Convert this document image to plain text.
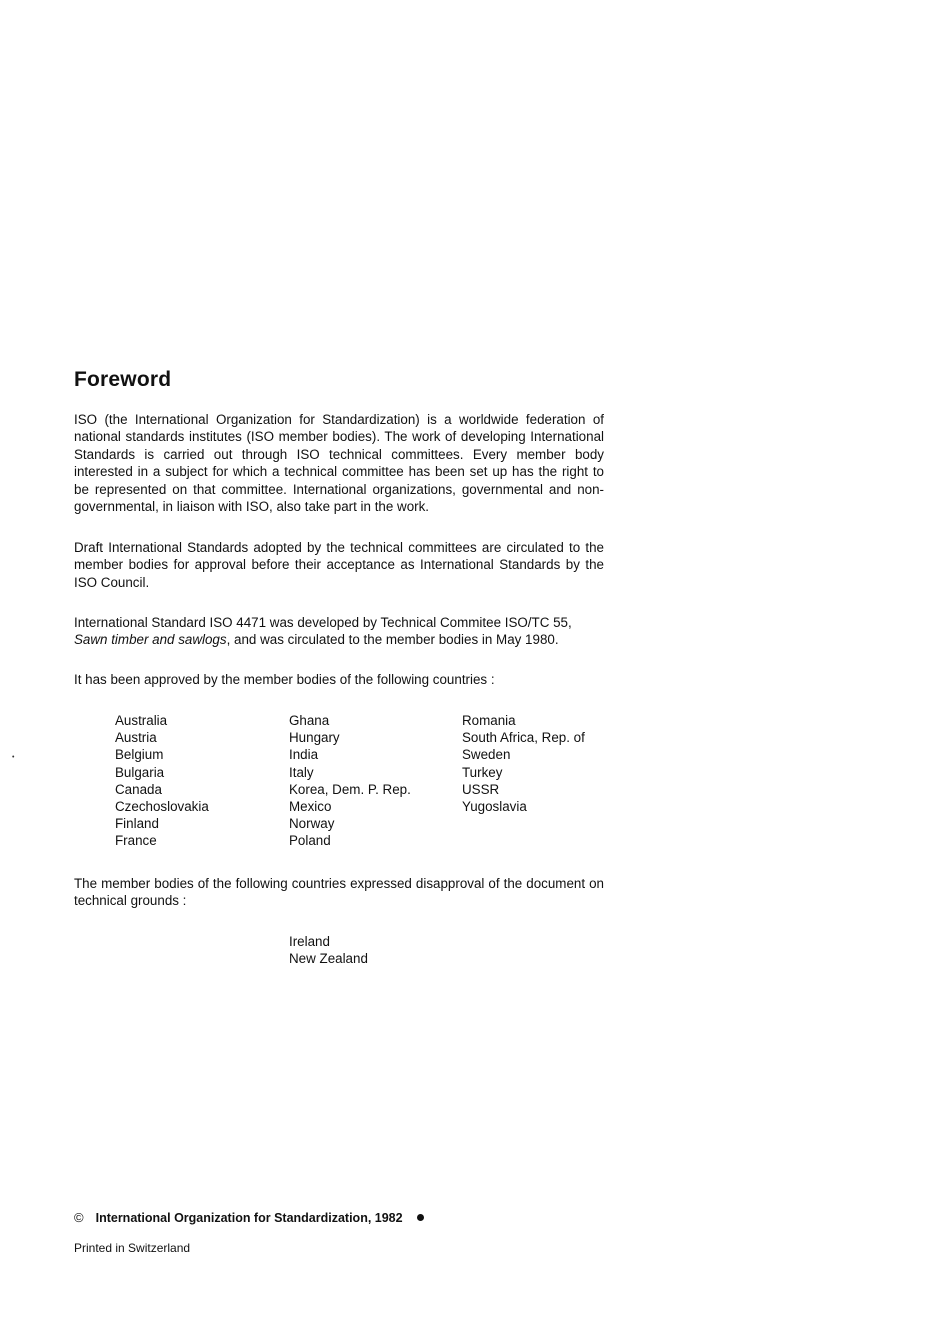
•
Foreword

ISO (the International Organization for Standardization) is a worldwide federation of national standards institutes (ISO member bodies). The work of developing International Standards is carried out through ISO technical committees. Every member body interested in a subject for which a technical committee has been set up has the right to be represented on that committee. International organizations, governmental and non-governmental, in liaison with ISO, also take part in the work.

Draft International Standards adopted by the technical committees are circulated to the member bodies for approval before their acceptance as International Standards by the ISO Council.

International Standard ISO 4471 was developed by Technical Commitee ISO/TC 55,
Sawn timber and sawlogs, and was circulated to the member bodies in May 1980.

It has been approved by the member bodies of the following countries :

Australia
Austria
Belgium
Bulgaria
Canada
Czechoslovakia
Finland
France
Ghana
Hungary
India
Italy
Korea, Dem. P. Rep.
Mexico
Norway
Poland
Romania
South Africa, Rep. of
Sweden
Turkey
USSR
Yugoslavia

The member bodies of the following countries expressed disapproval of the document on technical grounds :

Ireland
New Zealand
© International Organization for Standardization, 1982
Printed in Switzerland
